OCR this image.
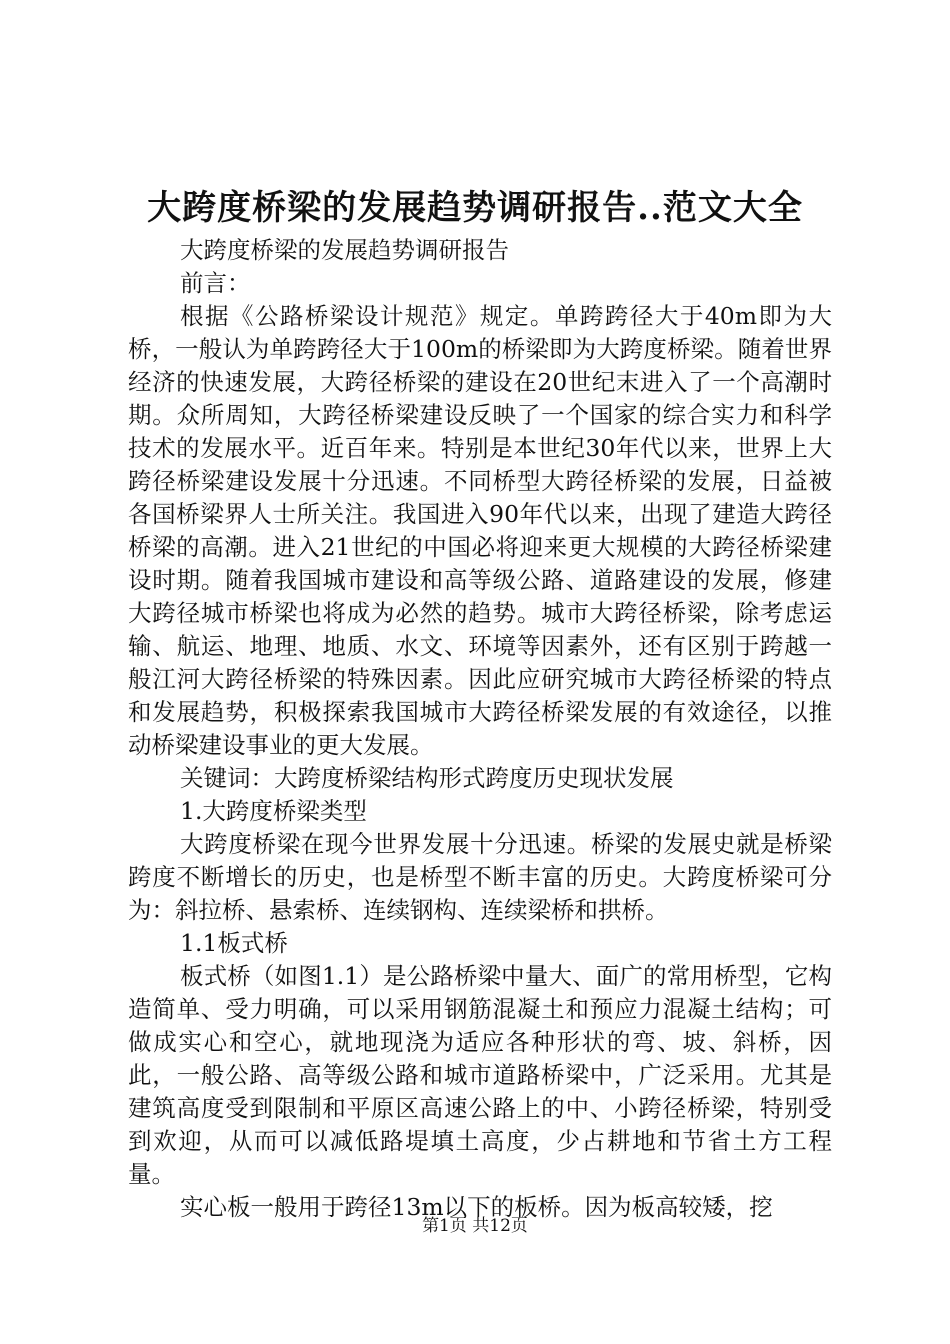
大跨度桥梁的发展趋势调研报告..范文大全

大跨度桥梁的发展趋势调研报告

前言：

根据《公路桥梁设计规范》规定。单跨跨径大于40m即为大桥，一般认为单跨跨径大于100m的桥梁即为大跨度桥梁。随着世界经济的快速发展，大跨径桥梁的建设在20世纪末进入了一个高潮时期。众所周知，大跨径桥梁建设反映了一个国家的综合实力和科学技术的发展水平。近百年来。特别是本世纪30年代以来，世界上大跨径桥梁建设发展十分迅速。不同桥型大跨径桥梁的发展，日益被各国桥梁界人士所关注。我国进入90年代以来，出现了建造大跨径桥梁的高潮。进入21世纪的中国必将迎来更大规模的大跨径桥梁建设时期。随着我国城市建设和高等级公路、道路建设的发展，修建大跨径城市桥梁也将成为必然的趋势。城市大跨径桥梁，除考虑运输、航运、地理、地质、水文、环境等因素外，还有区别于跨越一般江河大跨径桥梁的特殊因素。因此应研究城市大跨径桥梁的特点和发展趋势，积极探索我国城市大跨径桥梁发展的有效途径，以推动桥梁建设事业的更大发展。

关键词：大跨度桥梁结构形式跨度历史现状发展

1.大跨度桥梁类型

大跨度桥梁在现今世界发展十分迅速。桥梁的发展史就是桥梁跨度不断增长的历史，也是桥型不断丰富的历史。大跨度桥梁可分为：斜拉桥、悬索桥、连续钢构、连续梁桥和拱桥。

1.1板式桥

板式桥（如图1.1）是公路桥梁中量大、面广的常用桥型，它构造简单、受力明确，可以采用钢筋混凝土和预应力混凝土结构；可做成实心和空心，就地现浇为适应各种形状的弯、坡、斜桥，因此，一般公路、高等级公路和城市道路桥梁中，广泛采用。尤其是建筑高度受到限制和平原区高速公路上的中、小跨径桥梁，特别受到欢迎，从而可以减低路堤填土高度，少占耕地和节省土方工程量。

实心板一般用于跨径13m以下的板桥。因为板高较矮，挖

第1页 共12页
